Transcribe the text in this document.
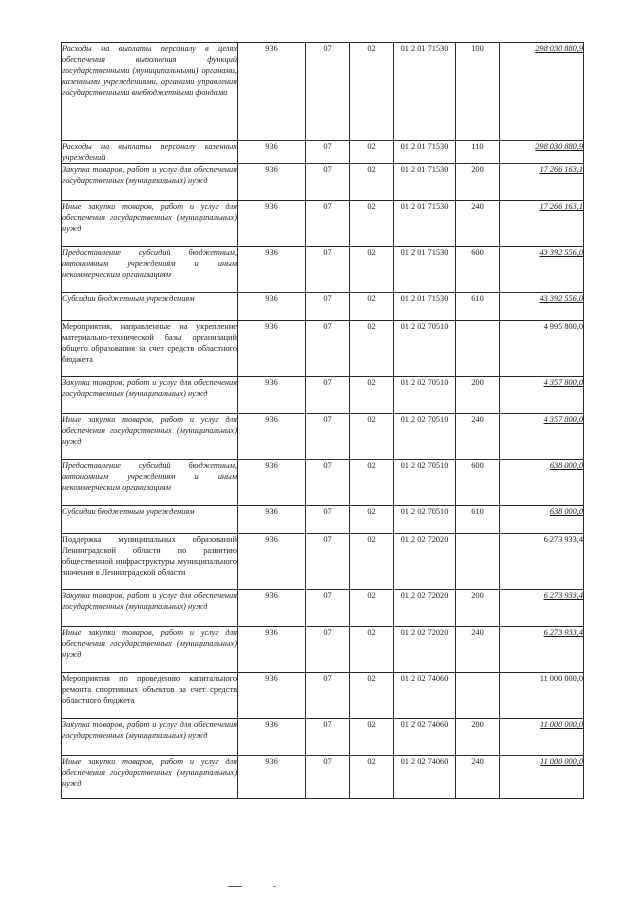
Расходы на выплаты персоналу в целях обеспечения выполнения функций государственными (муниципальными) органами, казенными учреждениями, органами управления государственными внебюджетными фондами	936	07	02	01 2 01 71530	100	298 030 880,9
Расходы на выплаты персоналу казенных учреждений	936	07	02	01 2 01 71530	110	298 030 880,9
Закупка товаров, работ и услуг для обеспечения государственных (муниципальных) нужд	936	07	02	01 2 01 71530	200	17 266 163,1
Иные закупки товаров, работ и услуг для обеспечения государственных (муниципальных) нужд	936	07	02	01 2 01 71530	240	17 266 163,1
Предоставление субсидий бюджетным, автономным учреждениям и иным некоммерческим организациям	936	07	02	01 2 01 71530	600	43 392 556,0
Субсидии бюджетным учреждениям	936	07	02	01 2 01 71530	610	43 392 556,0
Мероприятия, направленные на укрепление материально-технической базы организаций общего образования за счет средств областного бюджета	936	07	02	01 2 02 70510		4 995 800,0
Закупка товаров, работ и услуг для обеспечения государственных (муниципальных) нужд	936	07	02	01 2 02 70510	200	4 357 800,0
Иные закупки товаров, работ и услуг для обеспечения государственных (муниципальных) нужд	936	07	02	01 2 02 70510	240	4 357 800,0
Предоставление субсидий бюджетным, автономным учреждениям и иным некоммерческим организациям	936	07	02	01 2 02 70510	600	638 000,0
Субсидии бюджетным учреждениям	936	07	02	01 2 02 70510	610	638 000,0
Поддержка муниципальных образований Ленинградской области по развитию общественной инфраструктуры муниципального значения в Ленинградской области	936	07	02	01 2 02 72020		6 273 933,4
Закупка товаров, работ и услуг для обеспечения государственных (муниципальных) нужд	936	07	02	01 2 02 72020	200	6 273 933,4
Иные закупки товаров, работ и услуг для обеспечения государственных (муниципальных) нужд	936	07	02	01 2 02 72020	240	6 273 933,4
Мероприятия по проведению капитального ремонта спортивных объектов за счет средств областного бюджета	936	07	02	01 2 02 74060		11 000 000,0
Закупка товаров, работ и услуг для обеспечения государственных (муниципальных) нужд	936	07	02	01 2 02 74060	200	11 000 000,0
Иные закупки товаров, работ и услуг для обеспечения государственных (муниципальных) нужд	936	07	02	01 2 02 74060	240	11 000 000,0
